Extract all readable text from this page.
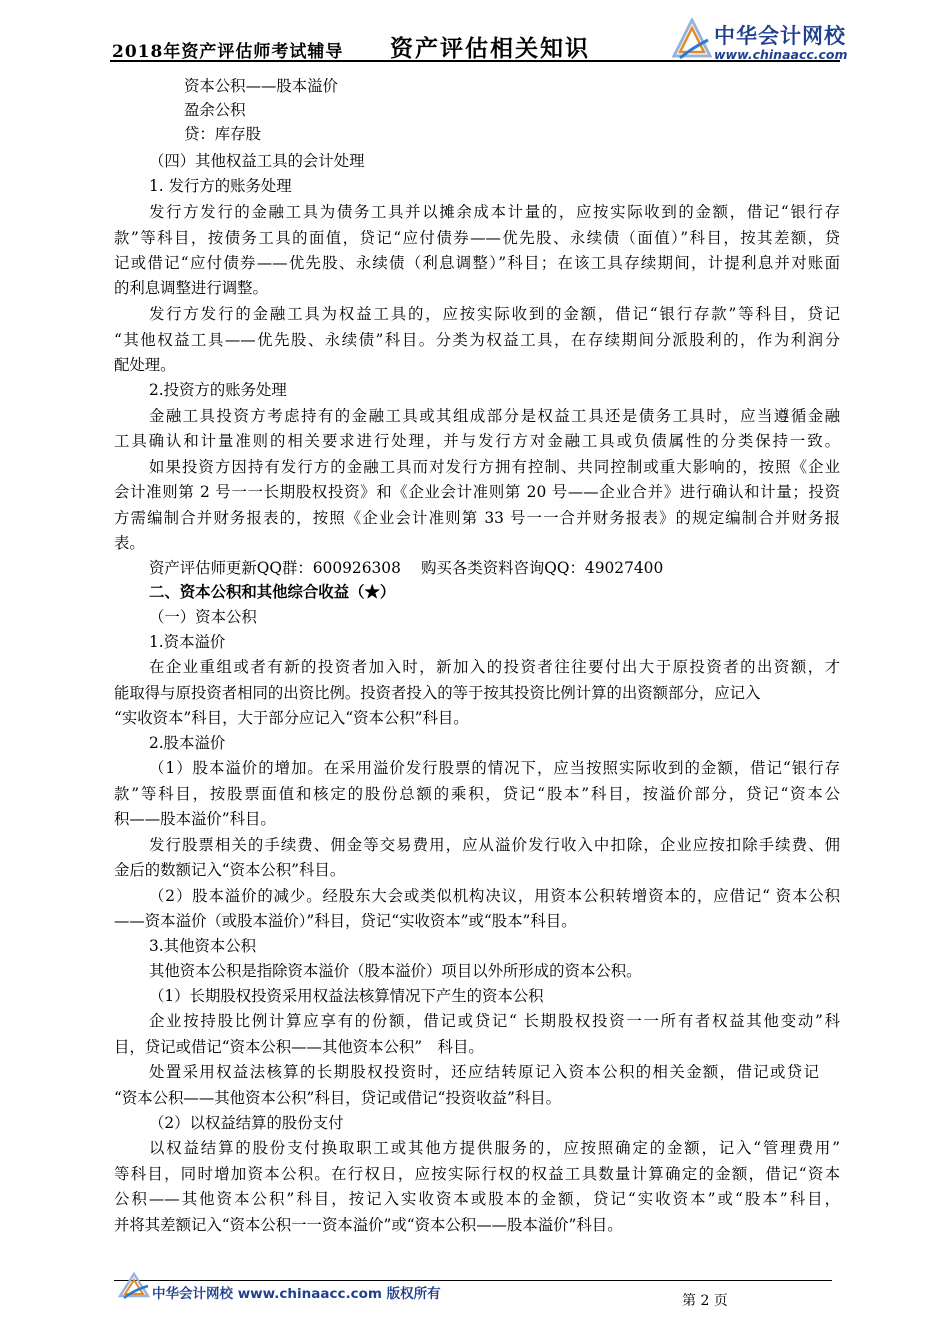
2018年资产评估师考试辅导 资产评估相关知识	中华会计网校
www.chinaacc.com
资本公积——股本溢价
盈余公积
贷：库存股
（四）其他权益工具的会计处理
1. 发行方的账务处理
发行方发行的金融工具为债务工具并以摊余成本计量的，应按实际收到的金额，借记“银行存
款”等科目，按债务工具的面值，贷记“应付债券——优先股、永续债（面值）”科目，按其差额，贷
记或借记“应付债券——优先股、永续债（利息调整）”科目；在该工具存续期间，计提利息并对账面
的利息调整进行调整。
发行方发行的金融工具为权益工具的，应按实际收到的金额，借记“银行存款”等科目，贷记
“其他权益工具——优先股、永续债”科目。分类为权益工具，在存续期间分派股利的，作为利润分
配处理。
2.投资方的账务处理
金融工具投资方考虑持有的金融工具或其组成部分是权益工具还是债务工具时，应当遵循金融
工具确认和计量准则的相关要求进行处理，并与发行方对金融工具或负债属性的分类保持一致。
如果投资方因持有发行方的金融工具而对发行方拥有控制、共同控制或重大影响的，按照《企业
会计准则第 2 号一一长期股权投资》和《企业会计准则第 20 号——企业合并》进行确认和计量；投资
方需编制合并财务报表的，按照《企业会计准则第 33 号一一合并财务报表》的规定编制合并财务报
表。
资产评估师更新QQ群：600926308　 购买各类资料咨询QQ：49027400
二、资本公积和其他综合收益（★）
（一）资本公积
1.资本溢价
在企业重组或者有新的投资者加入时，新加入的投资者往往要付出大于原投资者的出资额，才
能取得与原投资者相同的出资比例。投资者投入的等于按其投资比例计算的出资额部分，应记入
“实收资本”科目，大于部分应记入“资本公积”科目。
2.股本溢价
（1）股本溢价的增加。在采用溢价发行股票的情况下，应当按照实际收到的金额，借记“银行存
款”等科目，按股票面值和核定的股份总额的乘积，贷记“股本”科目，按溢价部分，贷记“资本公
积——股本溢价”科目。
发行股票相关的手续费、佣金等交易费用，应从溢价发行收入中扣除，企业应按扣除手续费、佣
金后的数额记入“资本公积”科目。
（2）股本溢价的减少。经股东大会或类似机构决议，用资本公积转增资本的，应借记“ 资本公积
——资本溢价（或股本溢价）”科目，贷记“实收资本”或“股本”科目。
3.其他资本公积
其他资本公积是指除资本溢价（股本溢价）项目以外所形成的资本公积。
（1）长期股权投资采用权益法核算情况下产生的资本公积
企业按持股比例计算应享有的份额，借记或贷记“ 长期股权投资一一所有者权益其他变动”科
目，贷记或借记“资本公积——其他资本公积”　科目。
处置采用权益法核算的长期股权投资时，还应结转原记入资本公积的相关金额，借记或贷记
“资本公积——其他资本公积”科目，贷记或借记“投资收益”科目。
（2）以权益结算的股份支付
以权益结算的股份支付换取职工或其他方提供服务的，应按照确定的金额，记入“管理费用”
等科目，同时增加资本公积。在行权日，应按实际行权的权益工具数量计算确定的金额，借记“资本
公积——其他资本公积”科目，按记入实收资本或股本的金额，贷记“实收资本”或“股本”科目，
并将其差额记入“资本公积一一资本溢价”或“资本公积——股本溢价”科目。
中华会计网校 www.chinaacc.com 版权所有	第 2 页
